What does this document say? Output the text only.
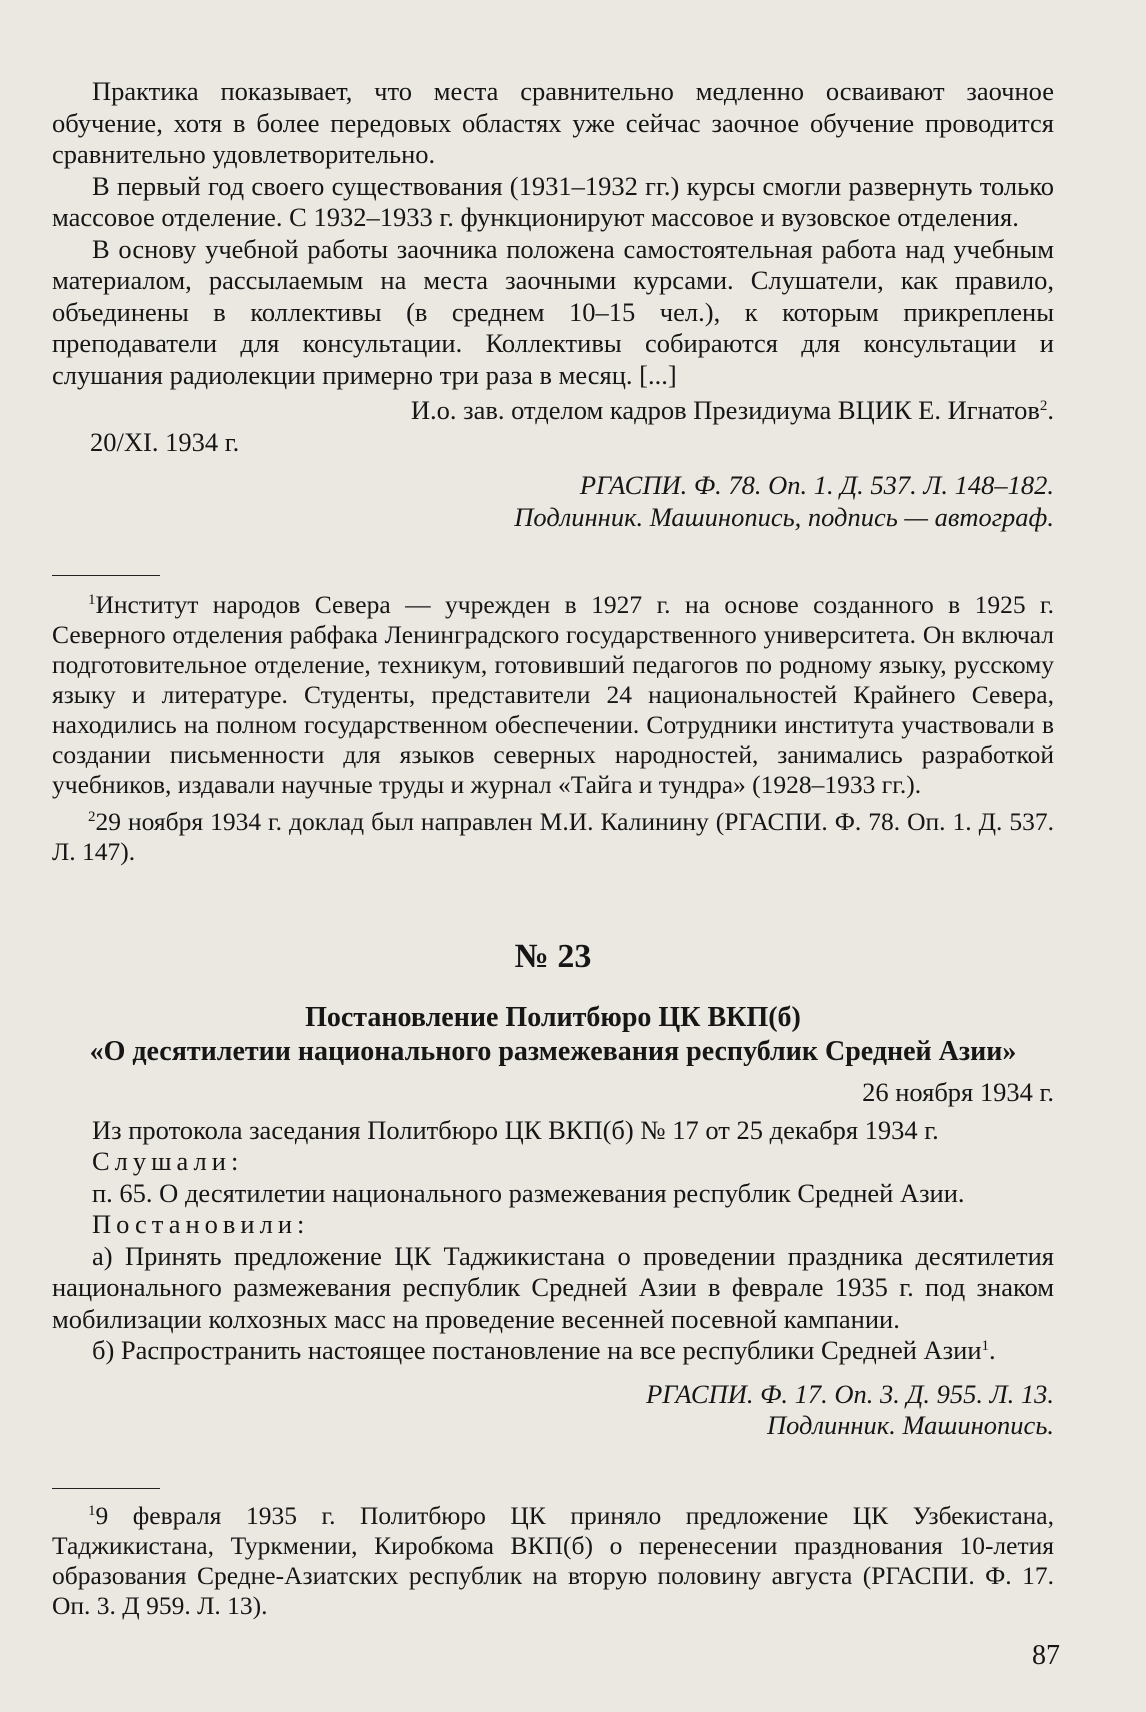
Практика показывает, что места сравнительно медленно осваивают заочное обучение, хотя в более передовых областях уже сейчас заочное обучение проводится сравнительно удовлетворительно.

В первый год своего существования (1931–1932 гг.) курсы смогли развернуть только массовое отделение. С 1932–1933 г. функционируют массовое и вузовское отделения.

В основу учебной работы заочника положена самостоятельная работа над учебным материалом, рассылаемым на места заочными курсами. Слушатели, как правило, объединены в коллективы (в среднем 10–15 чел.), к которым прикреплены преподаватели для консультации. Коллективы собираются для консультации и слушания радиолекции примерно три раза в месяц. [...]

И.о. зав. отделом кадров Президиума ВЦИК Е. Игнатов$^2$.

20/XI. 1934 г.

РГАСПИ. Ф. 78. Оп. 1. Д. 537. Л. 148–182.

Подлинник. Машинопись, подпись — автограф.

$^1$Институт народов Севера — учрежден в 1927 г. на основе созданного в 1925 г. Северного отделения рабфака Ленинградского государственного университета. Он включал подготовительное отделение, техникум, готовивший педагогов по родному языку, русскому языку и литературе. Студенты, представители 24 национальностей Крайнего Севера, находились на полном государственном обеспечении. Сотрудники института участвовали в создании письменности для языков северных народностей, занимались разработкой учебников, издавали научные труды и журнал «Тайга и тундра» (1928–1933 гг.).

$^2$29 ноября 1934 г. доклад был направлен М.И. Калинину (РГАСПИ. Ф. 78. Оп. 1. Д. 537. Л. 147).

№ 23
Постановление Политбюро ЦК ВКП(б)
«О десятилетии национального размежевания республик Средней Азии»

26 ноября 1934 г.

Из протокола заседания Политбюро ЦК ВКП(б) № 17 от 25 декабря 1934 г.

Слушали:

п. 65. О десятилетии национального размежевания республик Средней Азии.

Постановили:

а) Принять предложение ЦК Таджикистана о проведении праздника десятилетия национального размежевания республик Средней Азии в феврале 1935 г. под знаком мобилизации колхозных масс на проведение весенней посевной кампании.

б) Распространить настоящее постановление на все республики Средней Азии$^1$.

РГАСПИ. Ф. 17. Оп. 3. Д. 955. Л. 13.

Подлинник. Машинопись.

$^1$9 февраля 1935 г. Политбюро ЦК приняло предложение ЦК Узбекистана, Таджикистана, Туркмении, Киробкома ВКП(б) о перенесении празднования 10-летия образования Средне-Азиатских республик на вторую половину августа (РГАСПИ. Ф. 17. Оп. 3. Д 959. Л. 13).

87
